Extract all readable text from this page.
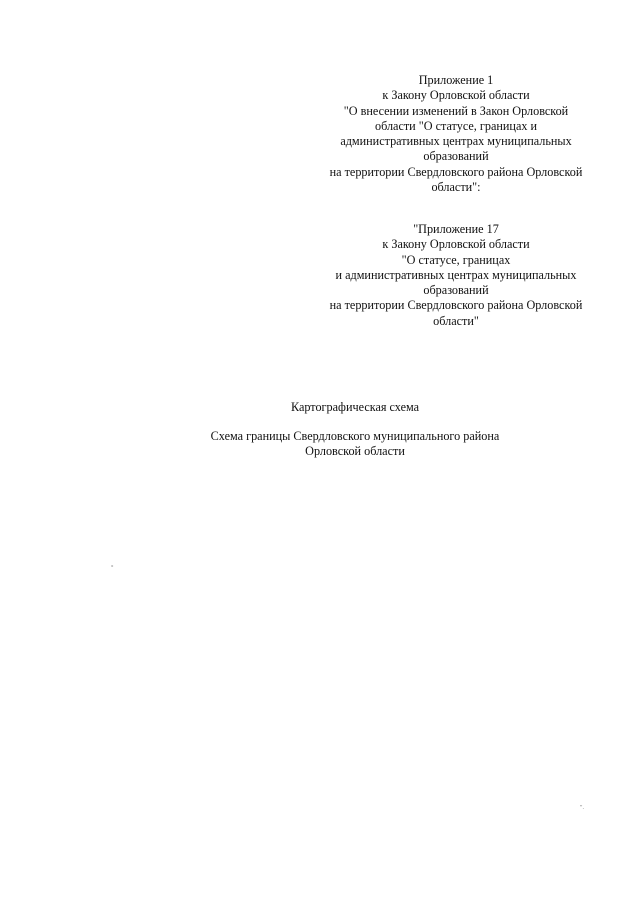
Приложение 1
к Закону Орловской области
"О внесении изменений в Закон Орловской
области "О статусе, границах и
административных центрах муниципальных
образований
на территории Свердловского района Орловской
области":
"Приложение 17
к Закону Орловской области
"О статусе, границах
и административных центрах муниципальных
образований
на территории Свердловского района Орловской
области"
Картографическая схема
Схема границы Свердловского муниципального района
Орловской области
°
".
